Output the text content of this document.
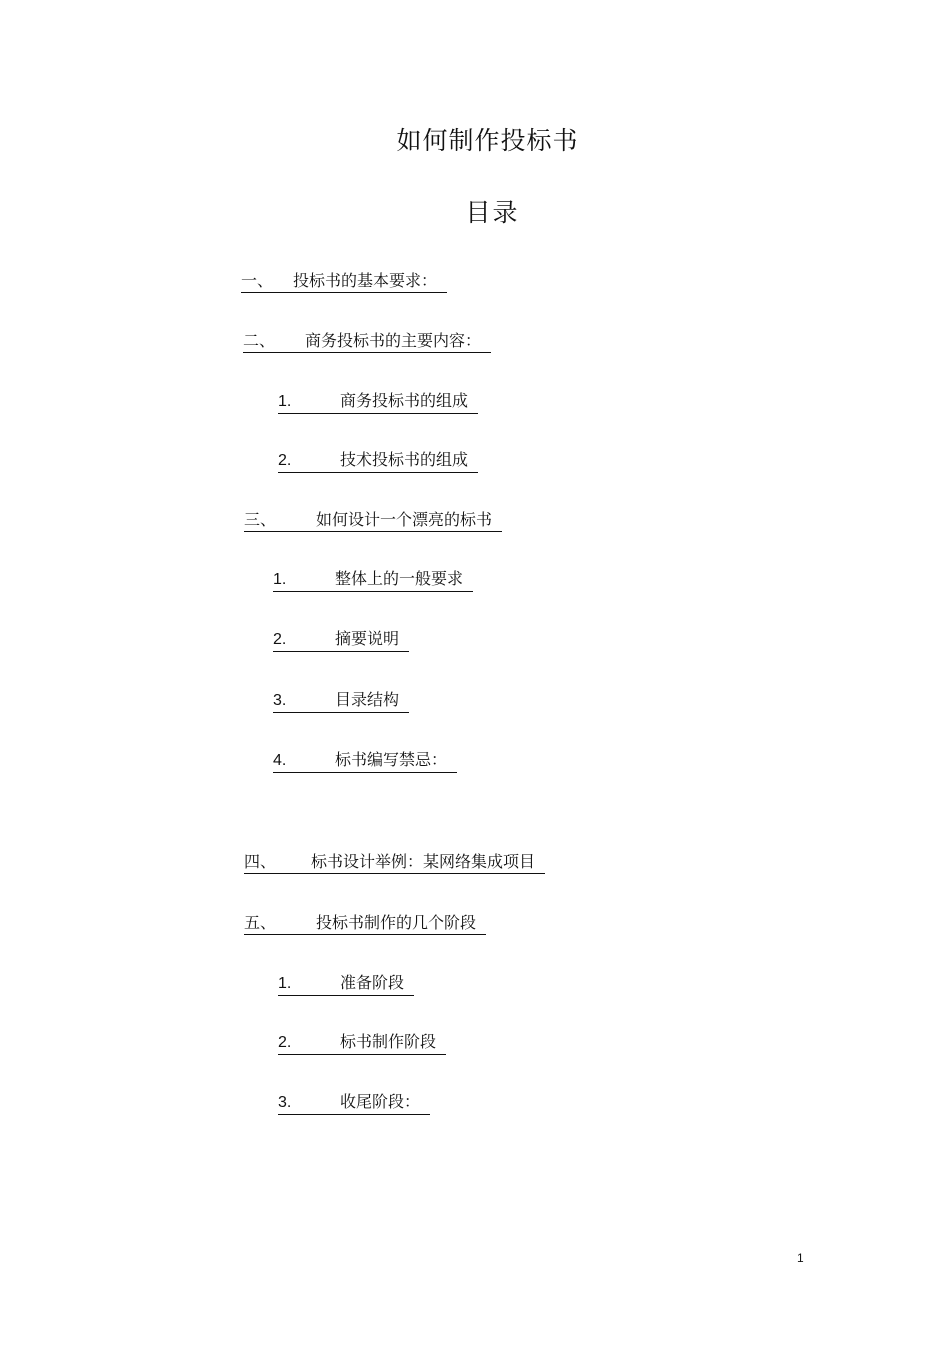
如何制作投标书
目录
一、	投标书的基本要求：
二、	商务投标书的主要内容：
1.	商务投标书的组成
2.	技术投标书的组成
三、	如何设计一个漂亮的标书
1.	整体上的一般要求
2.	摘要说明
3.	目录结构
4.	标书编写禁忌：
四、	标书设计举例：某网络集成项目
五、	投标书制作的几个阶段
1.	准备阶段
2.	标书制作阶段
3.	收尾阶段：
1
